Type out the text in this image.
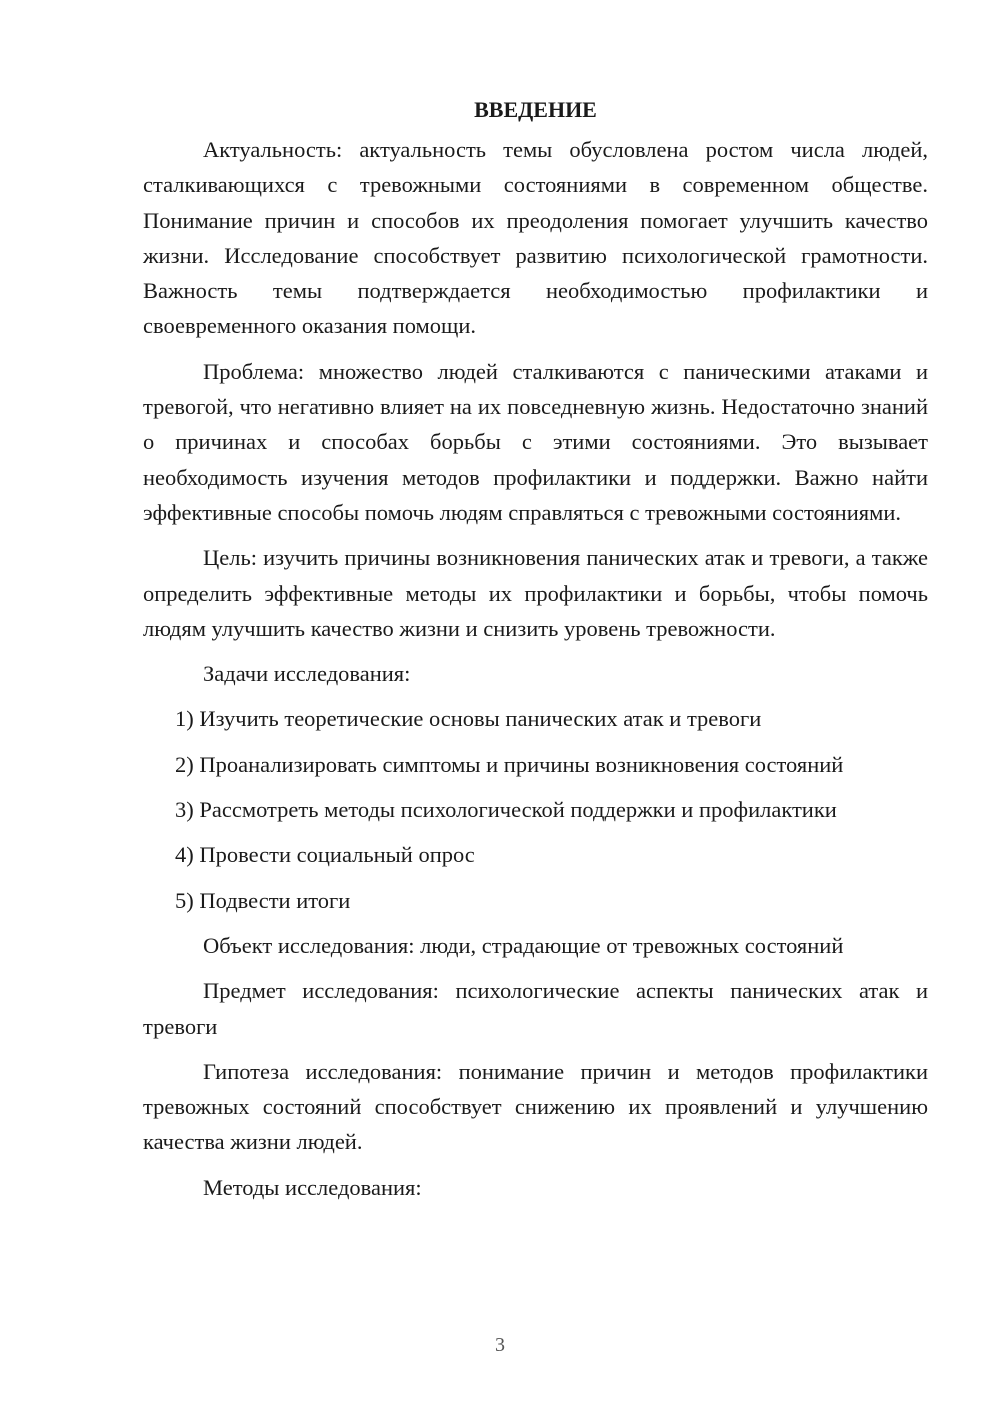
ВВЕДЕНИЕ

Актуальность: актуальность темы обусловлена ростом числа людей, сталкивающихся с тревожными состояниями в современном обществе. Понимание причин и способов их преодоления помогает улучшить качество жизни. Исследование способствует развитию психологической грамотности. Важность темы подтверждается необходимостью профилактики и своевременного оказания помощи.

Проблема: множество людей сталкиваются с паническими атаками и тревогой, что негативно влияет на их повседневную жизнь. Недостаточно знаний о причинах и способах борьбы с этими состояниями. Это вызывает необходимость изучения методов профилактики и поддержки. Важно найти эффективные способы помочь людям справляться с тревожными состояниями.

Цель: изучить причины возникновения панических атак и тревоги, а также определить эффективные методы их профилактики и борьбы, чтобы помочь людям улучшить качество жизни и снизить уровень тревожности.

Задачи исследования:

1) Изучить теоретические основы панических атак и тревоги
2) Проанализировать симптомы и причины возникновения состояний
3) Рассмотреть методы психологической поддержки и профилактики
4) Провести социальный опрос
5) Подвести итоги

Объект исследования: люди, страдающие от тревожных состояний

Предмет исследования: психологические аспекты панических атак и тревоги

Гипотеза исследования: понимание причин и методов профилактики тревожных состояний способствует снижению их проявлений и улучшению качества жизни людей.

Методы исследования:

3
